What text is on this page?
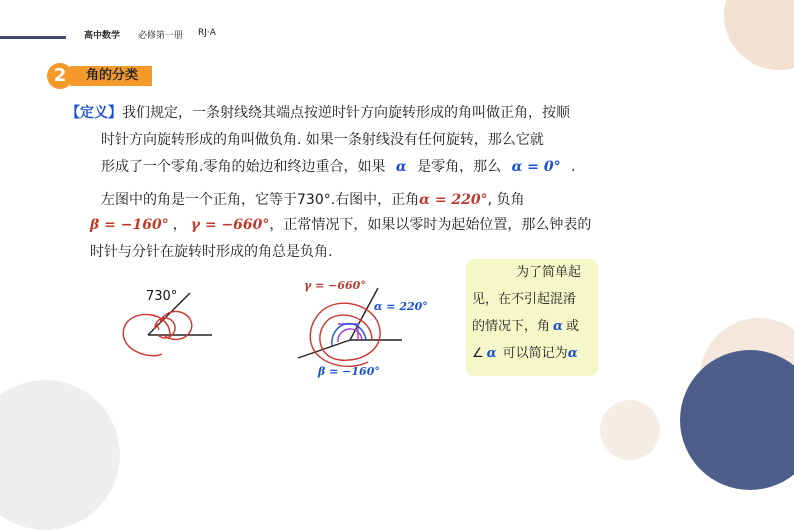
高中数学 必修第一册 RJ·A
角的分类
2
【定义】我们规定，一条射线绕其端点按逆时针方向旋转形成的角叫做正角，按顺
时针方向旋转形成的角叫做负角. 如果一条射线没有任何旋转，那么它就
形成了一个零角.零角的始边和终边重合，如果 α 是零角，那么 α = 0° .
左图中的角是一个正角，它等于730°.右图中，正角α = 220°, 负角
β = −160° ， γ = −660°，正常情况下，如果以零时为起始位置，那么钟表的
时针与分针在旋转时形成的角总是负角.
730°
γ = −660°
α = 220°
β = −160°
为了简单起
见，在不引起混淆
的情况下，角 α 或
∠ α 可以简记为α
